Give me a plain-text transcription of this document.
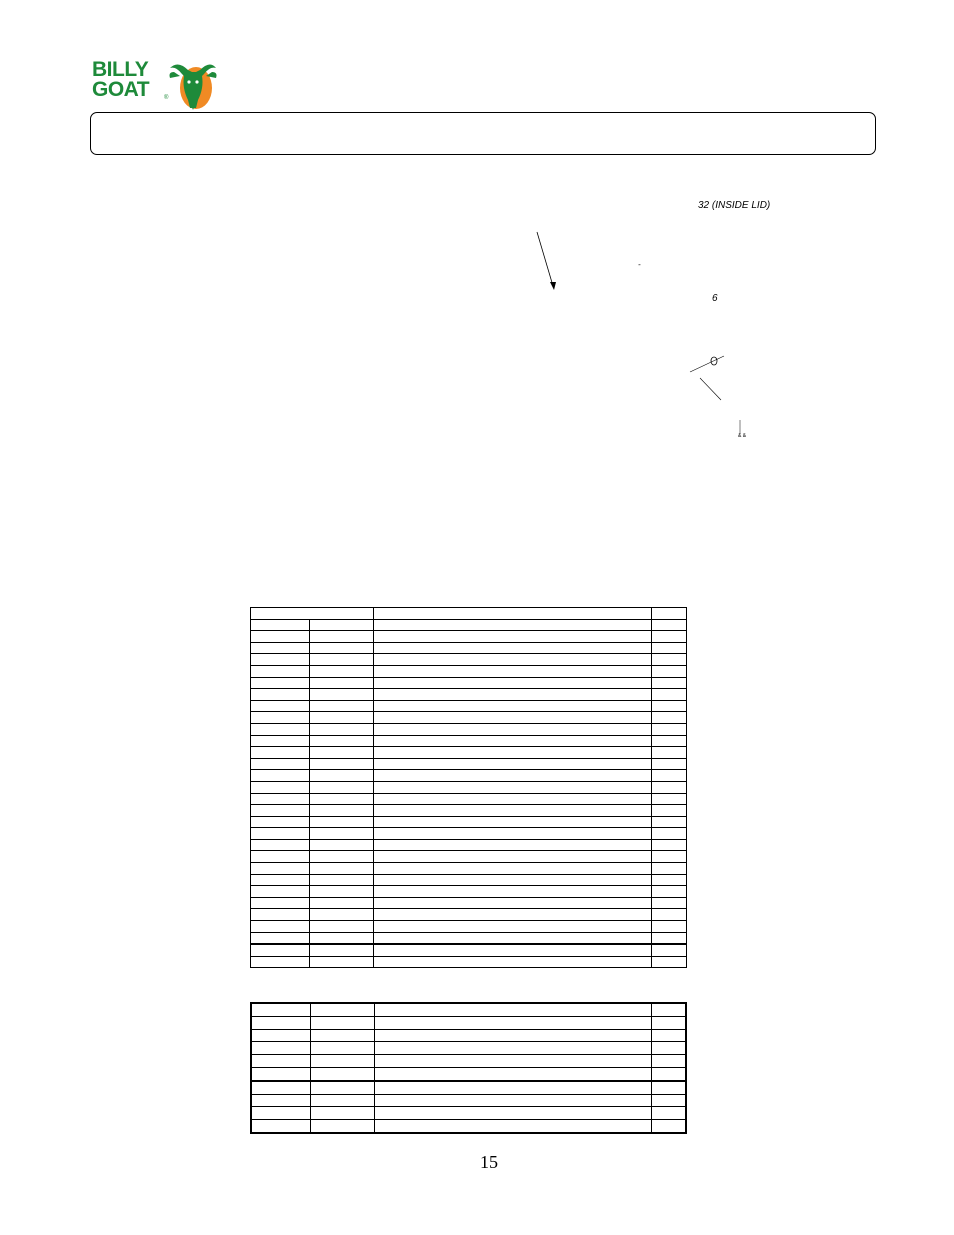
BILLY
GOAT	®
32 (INSIDE LID)
6
-
& &

15
